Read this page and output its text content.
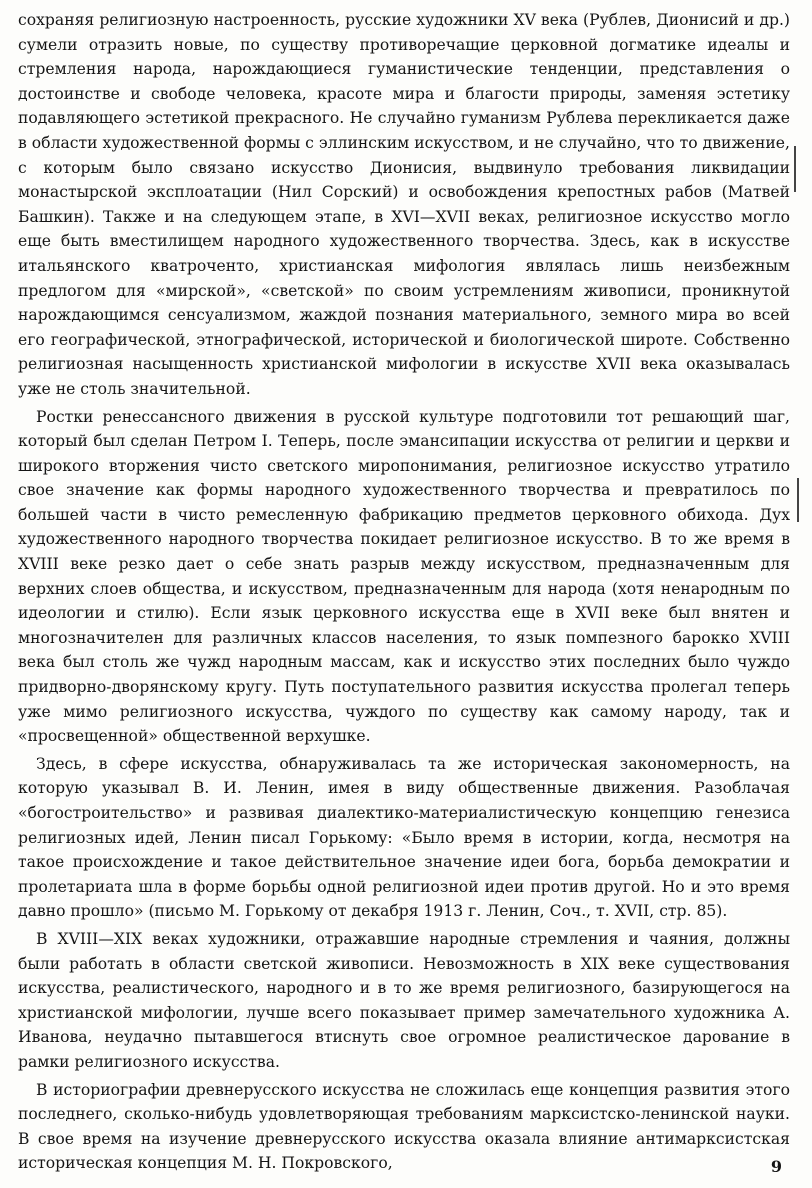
сохраняя религиозную настроенность, русские художники XV века (Рублев, Дионисий и др.) сумели отразить новые, по существу противоречащие церковной догматике идеалы и стремления народа, нарождающиеся гуманистические тенденции, представления о достоинстве и свободе человека, красоте мира и благости природы, заменяя эстетику подавляющего эстетикой прекрасного. Не случайно гуманизм Рублева перекликается даже в области художественной формы с эллинским искусством, и не случайно, что то движение, с которым было связано искусство Дионисия, выдвинуло требования ликвидации монастырской эксплоатации (Нил Сорский) и освобождения крепостных рабов (Матвей Башкин). Также и на следующем этапе, в XVI—XVII веках, религиозное искусство могло еще быть вместилищем народного художественного творчества. Здесь, как в искусстве итальянского кватроченто, христианская мифология являлась лишь неизбежным предлогом для «мирской», «светской» по своим устремлениям живописи, проникнутой нарождающимся сенсуализмом, жаждой познания материального, земного мира во всей его географической, этнографической, исторической и биологической широте. Собственно религиозная насыщенность христианской мифологии в искусстве XVII века оказывалась уже не столь значительной.

Ростки ренессансного движения в русской культуре подготовили тот решающий шаг, который был сделан Петром I. Теперь, после эмансипации искусства от религии и церкви и широкого вторжения чисто светского миропонимания, религиозное искусство утратило свое значение как формы народного художественного творчества и превратилось по большей части в чисто ремесленную фабрикацию предметов церковного обихода. Дух художественного народного творчества покидает религиозное искусство. В то же время в XVIII веке резко дает о себе знать разрыв между искусством, предназначенным для верхних слоев общества, и искусством, предназначенным для народа (хотя ненародным по идеологии и стилю). Если язык церковного искусства еще в XVII веке был внятен и многозначителен для различных классов населения, то язык помпезного барокко XVIII века был столь же чужд народным массам, как и искусство этих последних было чуждо придворно-дворянскому кругу. Путь поступательного развития искусства пролегал теперь уже мимо религиозного искусства, чуждого по существу как самому народу, так и «просвещенной» общественной верхушке.

Здесь, в сфере искусства, обнаруживалась та же историческая закономерность, на которую указывал В. И. Ленин, имея в виду общественные движения. Разоблачая «богостроительство» и развивая диалектико-материалистическую концепцию генезиса религиозных идей, Ленин писал Горькому: «Было время в истории, когда, несмотря на такое происхождение и такое действительное значение идеи бога, борьба демократии и пролетариата шла в форме борьбы одной религиозной идеи против другой. Но и это время давно прошло» (письмо М. Горькому от декабря 1913 г. Ленин, Соч., т. XVII, стр. 85).

В XVIII—XIX веках художники, отражавшие народные стремления и чаяния, должны были работать в области светской живописи. Невозможность в XIX веке существования искусства, реалистического, народного и в то же время религиозного, базирующегося на христианской мифологии, лучше всего показывает пример замечательного художника А. Иванова, неудачно пытавшегося втиснуть свое огромное реалистическое дарование в рамки религиозного искусства.

В историографии древнерусского искусства не сложилась еще концепция развития этого последнего, сколько-нибудь удовлетворяющая требованиям марксистско-ленинской науки. В свое время на изучение древнерусского искусства оказала влияние антимарксистская историческая концепция М. Н. Покровского,	9
